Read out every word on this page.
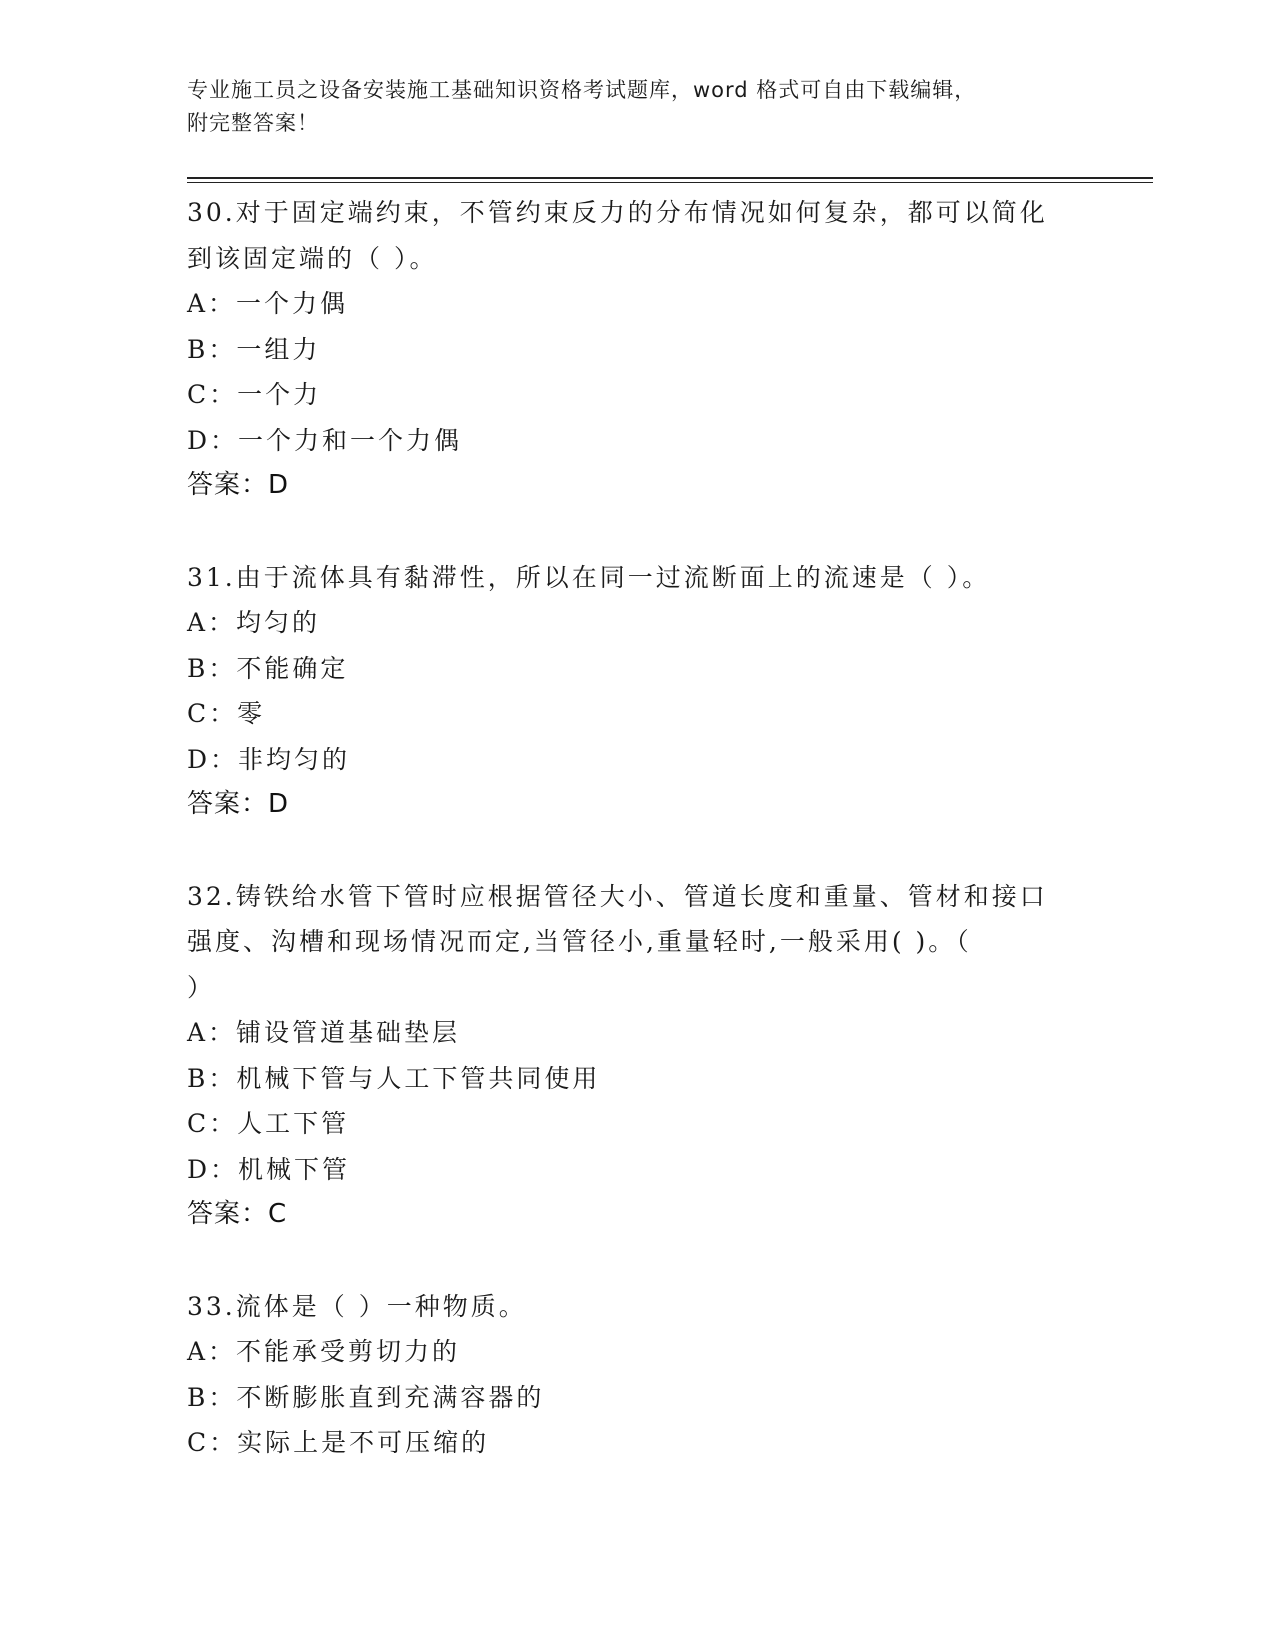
专业施工员之设备安装施工基础知识资格考试题库，word 格式可自由下载编辑，
附完整答案！
30.对于固定端约束，不管约束反力的分布情况如何复杂，都可以简化
到该固定端的（ ）。
A：一个力偶
B：一组力
C：一个力
D：一个力和一个力偶
答案：D
31.由于流体具有黏滞性，所以在同一过流断面上的流速是（ ）。
A：均匀的
B：不能确定
C：零
D：非均匀的
答案：D
32.铸铁给水管下管时应根据管径大小、管道长度和重量、管材和接口
强度、沟槽和现场情况而定,当管径小,重量轻时,一般采用( )。（
）
A：铺设管道基础垫层
B：机械下管与人工下管共同使用
C：人工下管
D：机械下管
答案：C
33.流体是（ ）一种物质。
A：不能承受剪切力的
B：不断膨胀直到充满容器的
C：实际上是不可压缩的
